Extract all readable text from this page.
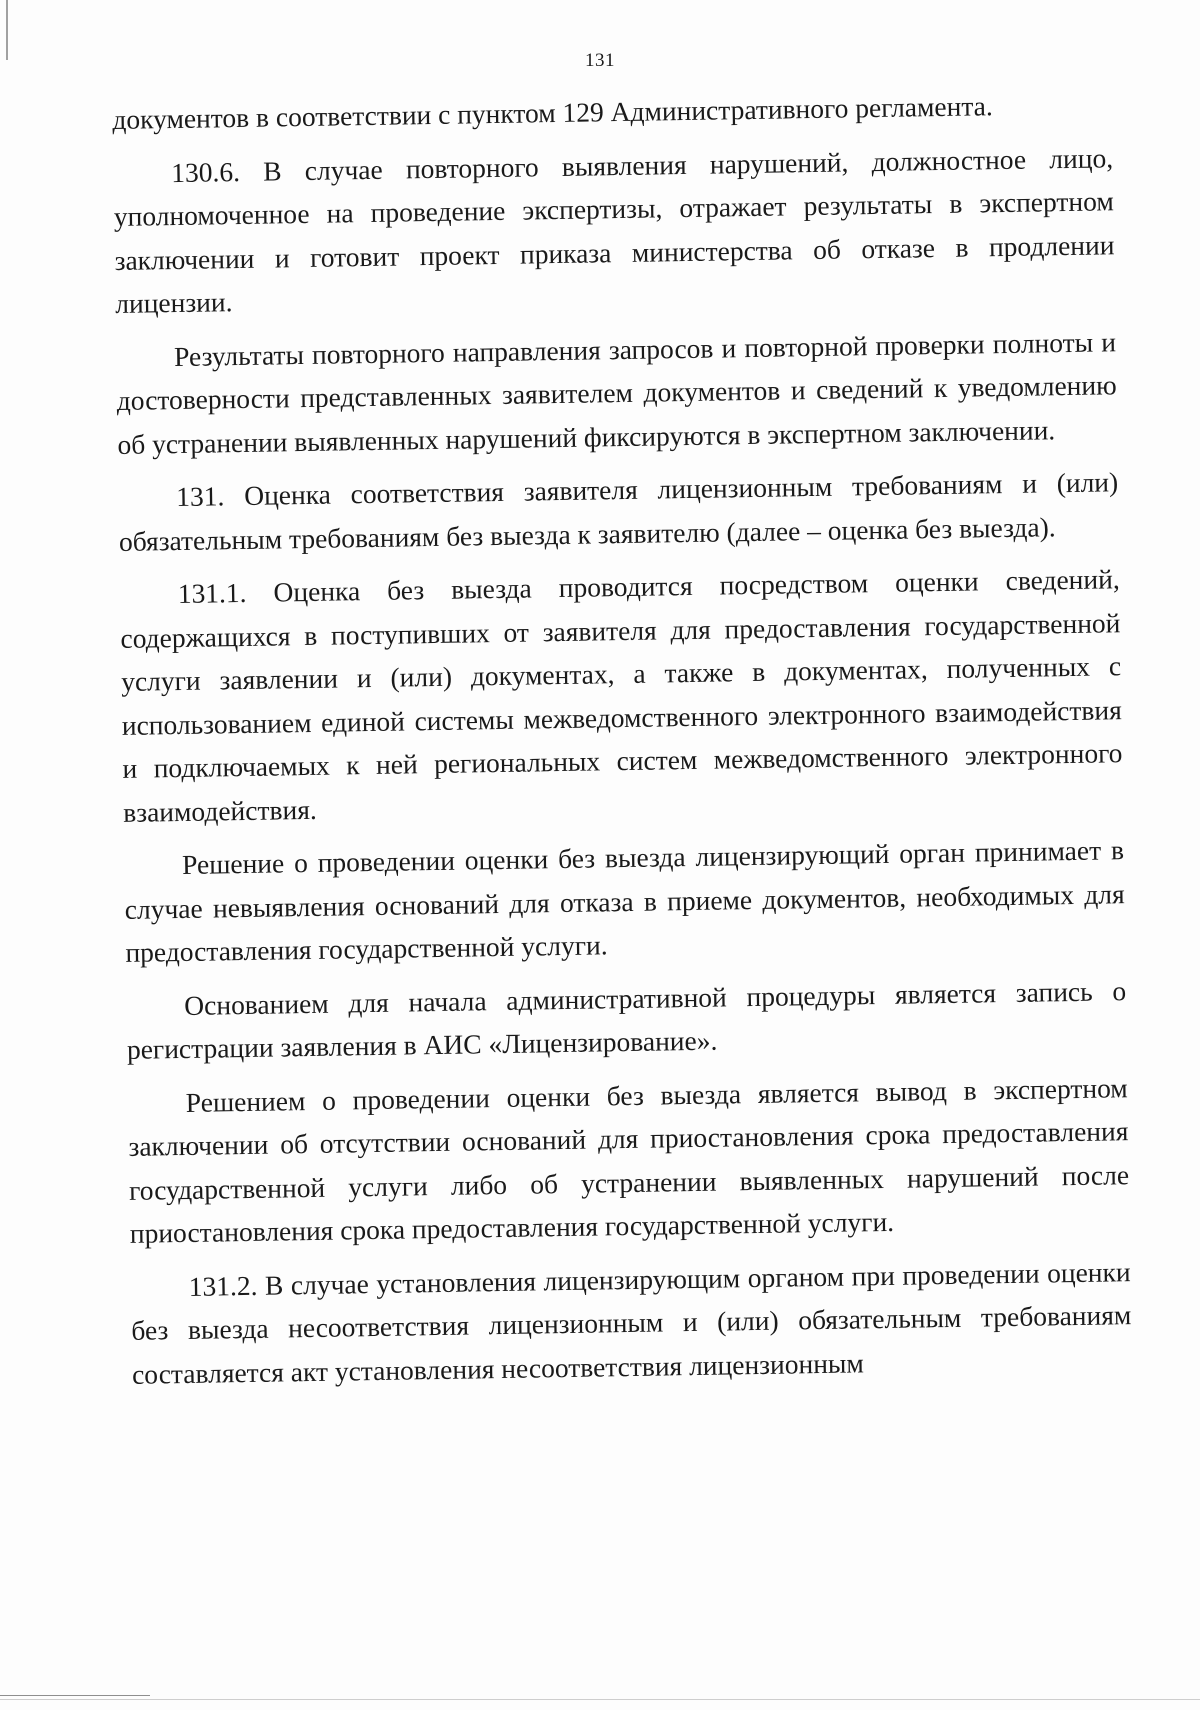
131

документов в соответствии с пунктом 129 Административного регламента.

130.6. В случае повторного выявления нарушений, должностное лицо, уполномоченное на проведение экспертизы, отражает результаты в экспертном заключении и готовит проект приказа министерства об отказе в продлении лицензии.

Результаты повторного направления запросов и повторной проверки полноты и достоверности представленных заявителем документов и сведений к уведомлению об устранении выявленных нарушений фиксируются в экспертном заключении.

131. Оценка соответствия заявителя лицензионным требованиям и (или) обязательным требованиям без выезда к заявителю (далее – оценка без выезда).

131.1. Оценка без выезда проводится посредством оценки сведений, содержащихся в поступивших от заявителя для предоставления государственной услуги заявлении и (или) документах, а также в документах, полученных с использованием единой системы межведомственного электронного взаимодействия и подключаемых к ней региональных систем межведомственного электронного взаимодействия.

Решение о проведении оценки без выезда лицензирующий орган принимает в случае невыявления оснований для отказа в приеме документов, необходимых для предоставления государственной услуги.

Основанием для начала административной процедуры является запись о регистрации заявления в АИС «Лицензирование».

Решением о проведении оценки без выезда является вывод в экспертном заключении об отсутствии оснований для приостановления срока предоставления государственной услуги либо об устранении выявленных нарушений после приостановления срока предоставления государственной услуги.

131.2. В случае установления лицензирующим органом при проведении оценки без выезда несоответствия лицензионным и (или) обязательным требованиям составляется акт установления несоответствия лицензионным
